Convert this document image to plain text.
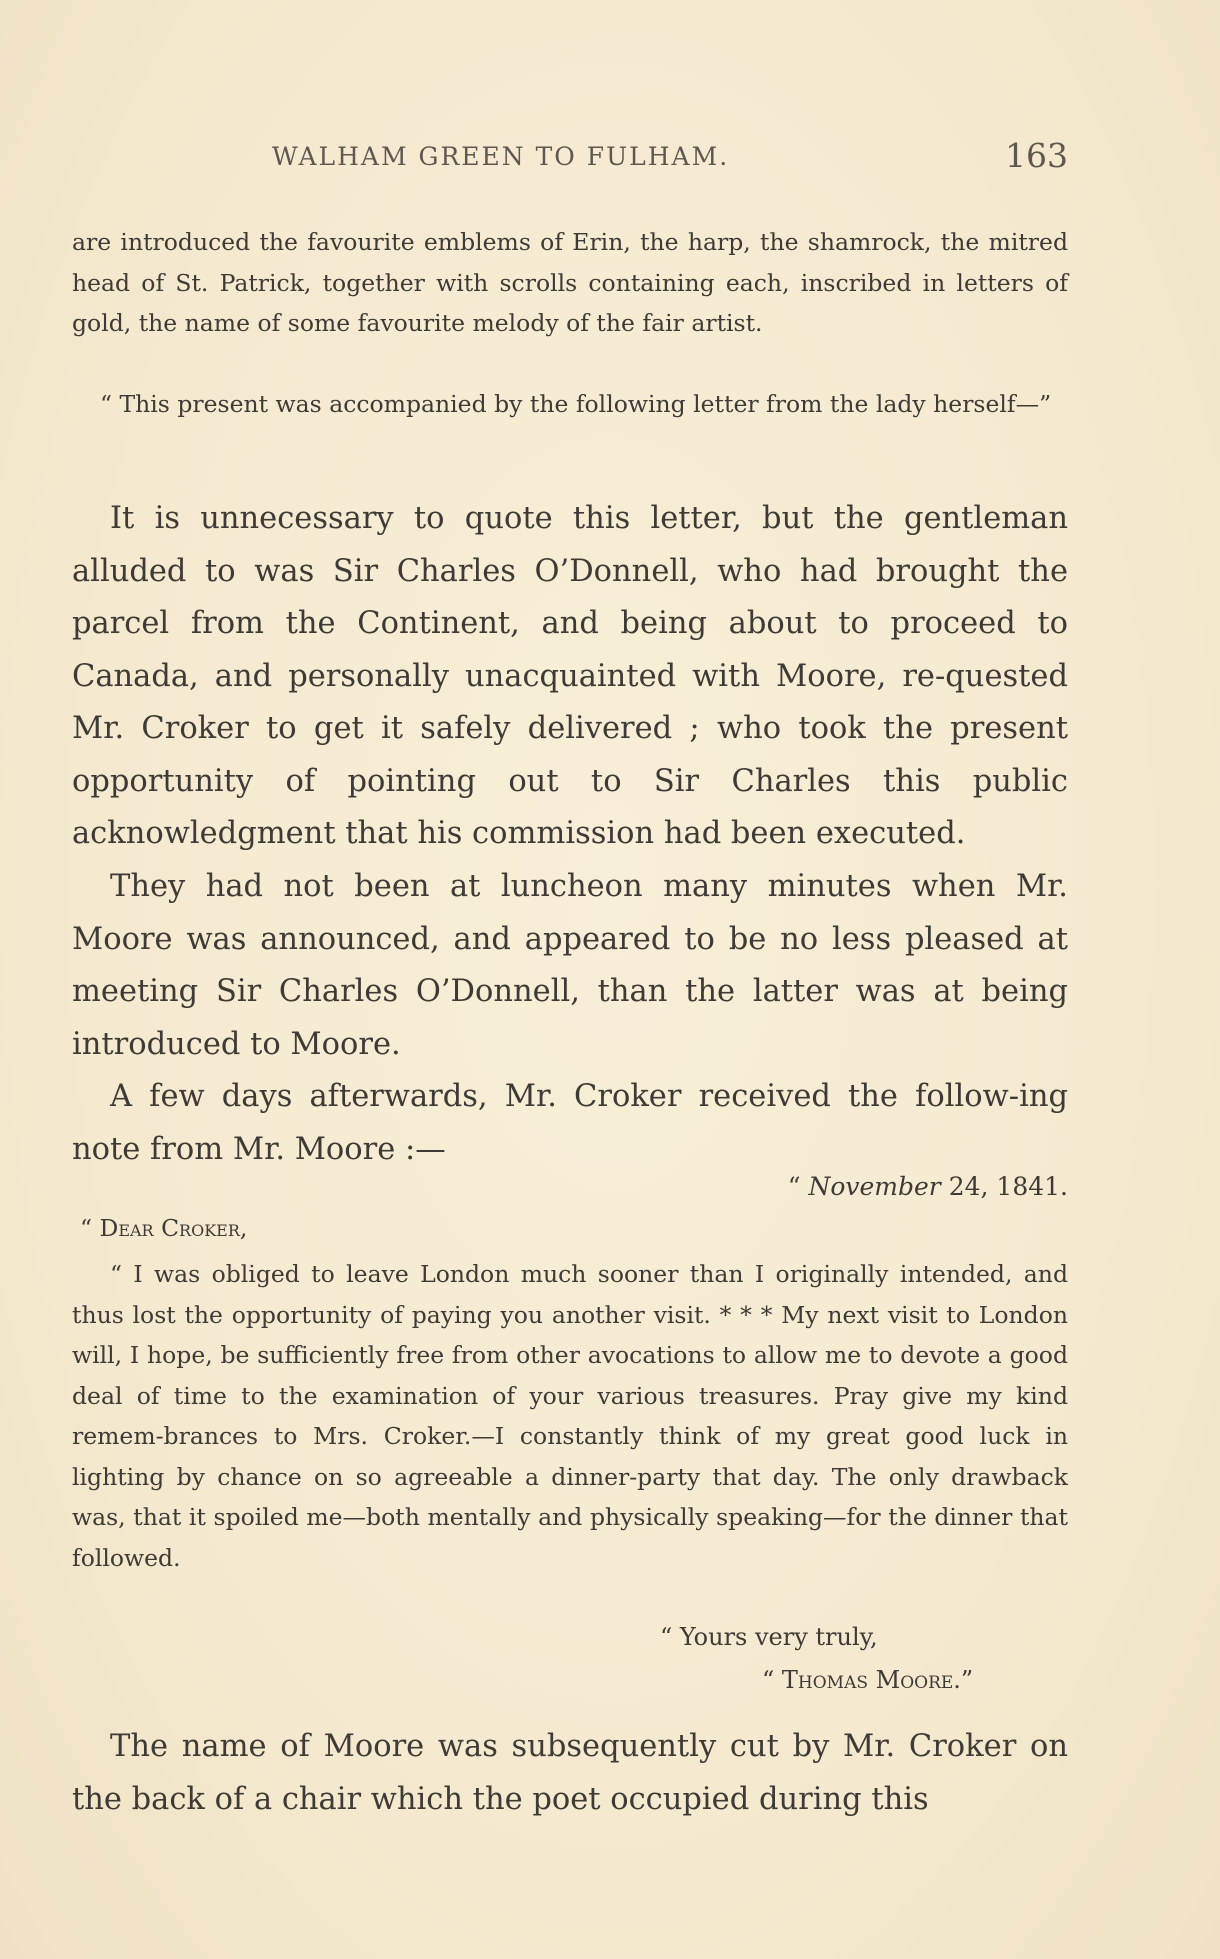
WALHAM GREEN TO FULHAM.	163

are introduced the favourite emblems of Erin, the harp, the shamrock, the mitred head of St. Patrick, together with scrolls containing each, inscribed in letters of gold, the name of some favourite melody of the fair artist.

“ This present was accompanied by the following letter from the lady herself—”

It is unnecessary to quote this letter, but the gentleman alluded to was Sir Charles O’Donnell, who had brought the parcel from the Continent, and being about to proceed to Canada, and personally unacquainted with Moore, re-quested Mr. Croker to get it safely delivered ; who took the present opportunity of pointing out to Sir Charles this public acknowledgment that his commission had been executed.

They had not been at luncheon many minutes when Mr. Moore was announced, and appeared to be no less pleased at meeting Sir Charles O’Donnell, than the latter was at being introduced to Moore.

A few days afterwards, Mr. Croker received the follow-ing note from Mr. Moore :—

“ November 24, 1841.
“ Dear Croker,

“ I was obliged to leave London much sooner than I originally intended, and thus lost the opportunity of paying you another visit. * * * My next visit to London will, I hope, be sufficiently free from other avocations to allow me to devote a good deal of time to the examination of your various treasures. Pray give my kind remem-brances to Mrs. Croker.—I constantly think of my great good luck in lighting by chance on so agreeable a dinner-party that day. The only drawback was, that it spoiled me—both mentally and physically speaking—for the dinner that followed.

“ Yours very truly,
“ Thomas Moore.”

The name of Moore was subsequently cut by Mr. Croker on the back of a chair which the poet occupied during this
